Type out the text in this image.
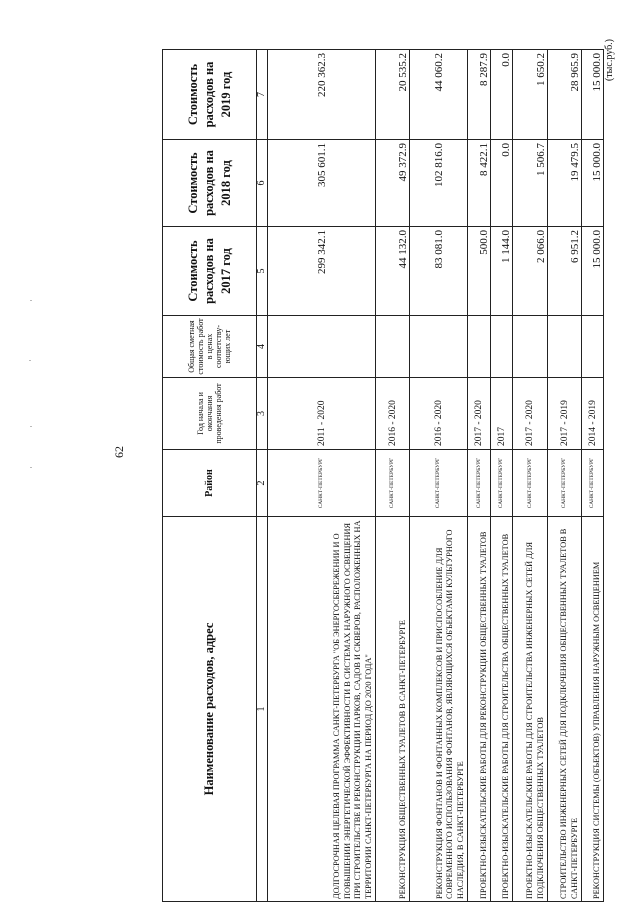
62
(тыс.руб.)
Наименование расходов, адрес	Район	Год начала и окончания проведения работ	Общая сметная стоимость работ в ценах соответству-ющих лет	Стоимость расходов на 2017 год	Стоимость расходов на 2018 год	Стоимость расходов на 2019 год
1	2	3	4	5	6	7
ДОЛГОСРОЧНАЯ ЦЕЛЕВАЯ ПРОГРАММА САНКТ-ПЕТЕРБУРГА "ОБ ЭНЕРГОСБЕРЕЖЕНИИ И О ПОВЫШЕНИИ ЭНЕРГЕТИЧЕСКОЙ ЭФФЕКТИВНОСТИ В СИСТЕМАХ НАРУЖНОГО ОСВЕЩЕНИЯ ПРИ СТРОИТЕЛЬСТВЕ И РЕКОНСТРУКЦИИ ПАРКОВ, САДОВ И СКВЕРОВ, РАСПОЛОЖЕННЫХ НА ТЕРРИТОРИИ САНКТ-ПЕТЕРБУРГА НА ПЕРИОД ДО 2020 ГОДА"	САНКТ-ПЕТЕРБУРГ	2011 - 2020		299 342.1	305 601.1	220 362.3
РЕКОНСТРУКЦИЯ ОБЩЕСТВЕННЫХ ТУАЛЕТОВ В САНКТ-ПЕТЕРБУРГЕ	САНКТ-ПЕТЕРБУРГ	2016 - 2020		44 132.0	49 372.9	20 535.2
РЕКОНСТРУКЦИЯ ФОНТАНОВ И ФОНТАННЫХ КОМПЛЕКСОВ И ПРИСПОСОБЛЕНИЕ ДЛЯ СОВРЕМЕННОГО ИСПОЛЬЗОВАНИЯ ФОНТАНОВ, ЯВЛЯЮЩИХСЯ ОБЪЕКТАМИ КУЛЬТУРНОГО НАСЛЕДИЯ, В САНКТ-ПЕТЕРБУРГЕ	САНКТ-ПЕТЕРБУРГ	2016 - 2020		83 081.0	102 816.0	44 060.2
ПРОЕКТНО-ИЗЫСКАТЕЛЬСКИЕ РАБОТЫ ДЛЯ РЕКОНСТРУКЦИИ ОБЩЕСТВЕННЫХ ТУАЛЕТОВ	САНКТ-ПЕТЕРБУРГ	2017 - 2020		500.0	8 422.1	8 287.9
ПРОЕКТНО-ИЗЫСКАТЕЛЬСКИЕ РАБОТЫ ДЛЯ СТРОИТЕЛЬСТВА ОБЩЕСТВЕННЫХ ТУАЛЕТОВ	САНКТ-ПЕТЕРБУРГ	2017		1 144.0	0.0	0.0
ПРОЕКТНО-ИЗЫСКАТЕЛЬСКИЕ РАБОТЫ ДЛЯ СТРОИТЕЛЬСТВА ИНЖЕНЕРНЫХ СЕТЕЙ ДЛЯ ПОДКЛЮЧЕНИЯ ОБЩЕСТВЕННЫХ ТУАЛЕТОВ	САНКТ-ПЕТЕРБУРГ	2017 - 2020		2 066.0	1 506.7	1 650.2
СТРОИТЕЛЬСТВО ИНЖЕНЕРНЫХ СЕТЕЙ ДЛЯ ПОДКЛЮЧЕНИЯ ОБЩЕСТВЕННЫХ ТУАЛЕТОВ В САНКТ-ПЕТЕРБУРГЕ	САНКТ-ПЕТЕРБУРГ	2017 - 2019		6 951.2	19 479.5	28 965.9
РЕКОНСТРУКЦИЯ СИСТЕМЫ (ОБЪЕКТОВ) УПРАВЛЕНИЯ НАРУЖНЫМ ОСВЕЩЕНИЕМ	САНКТ-ПЕТЕРБУРГ	2014 - 2019		15 000.0	15 000.0	15 000.0
